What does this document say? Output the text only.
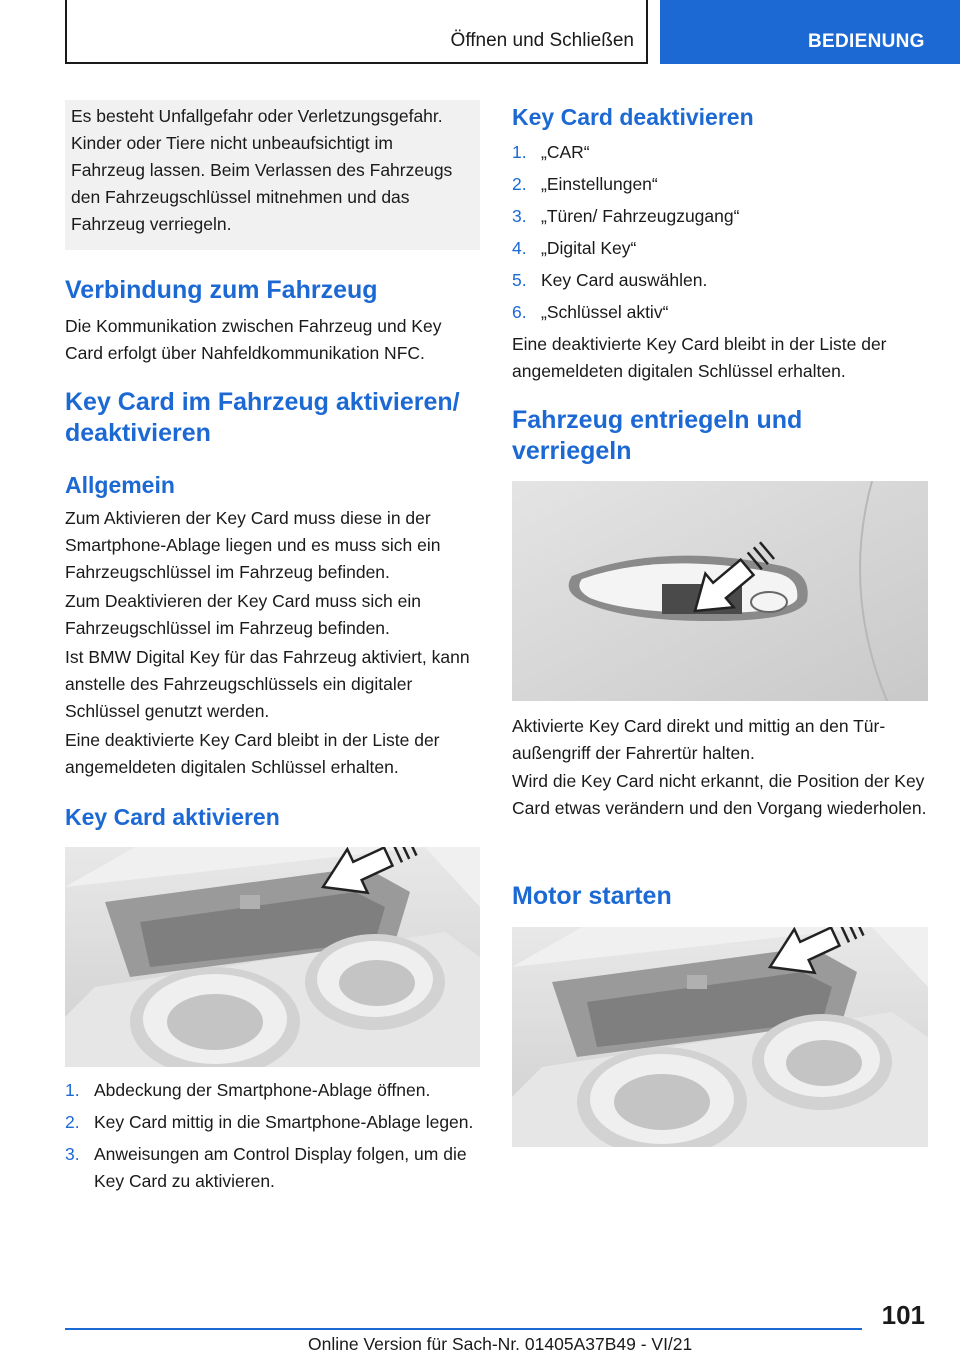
Öffnen und Schließen	BEDIENUNG
Es besteht Unfallgefahr oder Verletzungsgefahr. Kinder oder Tiere nicht unbeaufsichtigt im Fahrzeug lassen. Beim Verlassen des Fahrzeugs den Fahrzeugschlüssel mitnehmen und das Fahrzeug verriegeln.
Verbindung zum Fahrzeug

Die Kommunikation zwischen Fahrzeug und Key Card erfolgt über Nahfeldkommunikation NFC.

Key Card im Fahrzeug aktivieren/ deaktivieren
Allgemein

Zum Aktivieren der Key Card muss diese in der Smartphone-Ablage liegen und es muss sich ein Fahrzeugschlüssel im Fahrzeug befinden.

Zum Deaktivieren der Key Card muss sich ein Fahrzeugschlüssel im Fahrzeug befinden.

Ist BMW Digital Key für das Fahrzeug aktiviert, kann anstelle des Fahrzeugschlüssels ein digitaler Schlüssel genutzt werden.

Eine deaktivierte Key Card bleibt in der Liste der angemeldeten digitalen Schlüssel erhalten.

Key Card aktivieren
1. Abdeckung der Smartphone-Ablage öffnen.
2. Key Card mittig in die Smartphone-Ablage legen.
3. Anweisungen am Control Display folgen, um die Key Card zu aktivieren.
Key Card deaktivieren
1. „CAR“
2. „Einstellungen“
3. „Türen/ Fahrzeugzugang“
4. „Digital Key“
5. Key Card auswählen.
6. „Schlüssel aktiv“

Eine deaktivierte Key Card bleibt in der Liste der angemeldeten digitalen Schlüssel erhalten.

Fahrzeug entriegeln und verriegeln

Aktivierte Key Card direkt und mittig an den Türaußengriff der Fahrertür halten.

Wird die Key Card nicht erkannt, die Position der Key Card etwas verändern und den Vorgang wiederholen.

Motor starten
101
Online Version für Sach-Nr. 01405A37B49 - VI/21
